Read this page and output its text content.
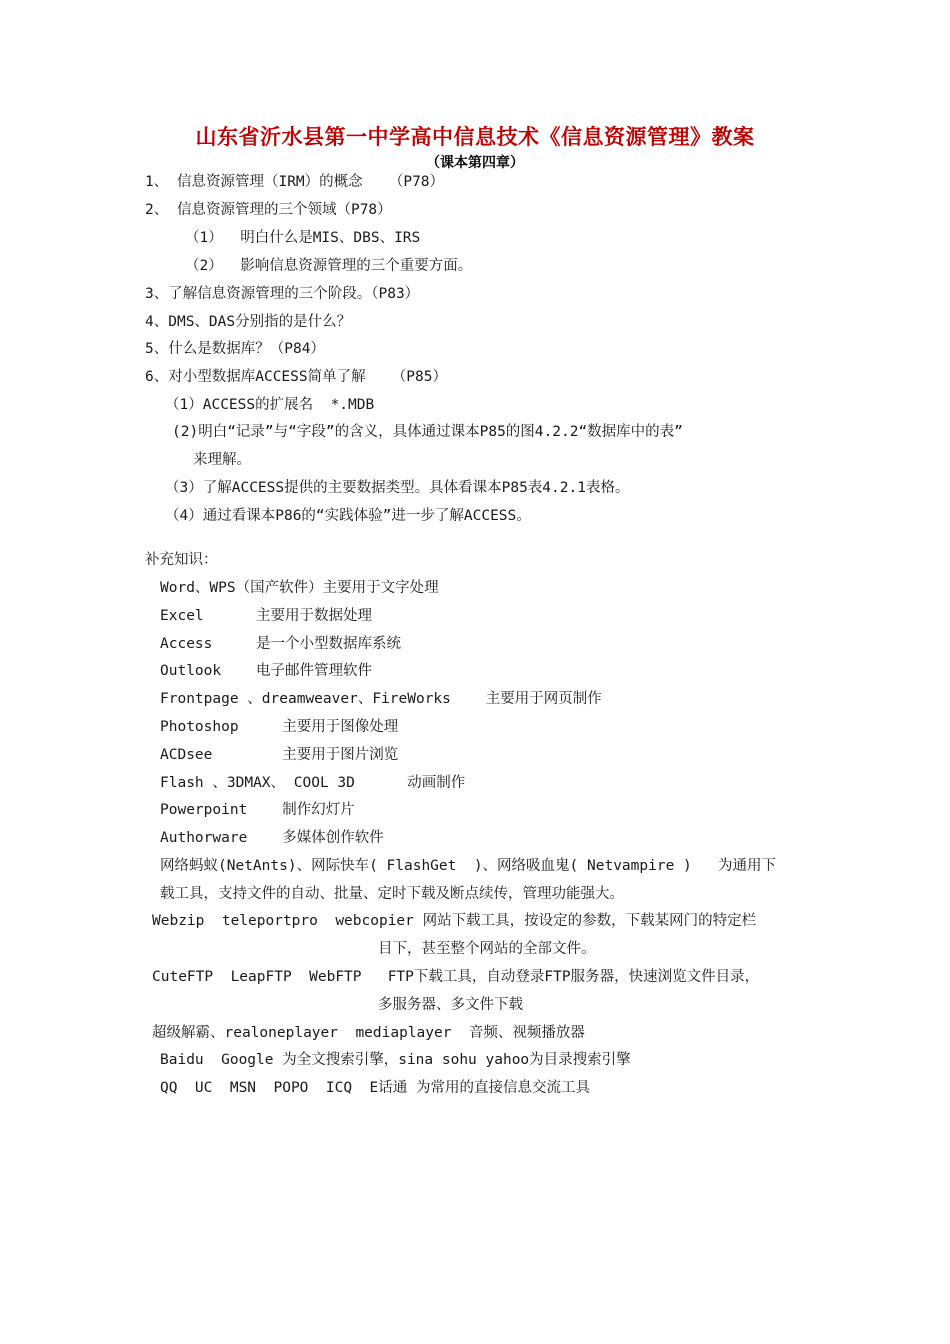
山东省沂水县第一中学高中信息技术《信息资源管理》教案
（课本第四章）
1、 信息资源管理（IRM）的概念   （P78）
2、 信息资源管理的三个领域（P78）
（1）  明白什么是MIS、DBS、IRS
（2）  影响信息资源管理的三个重要方面。
3、了解信息资源管理的三个阶段。（P83）
4、DMS、DAS分别指的是什么？
5、什么是数据库？（P84）
6、对小型数据库ACCESS简单了解   （P85）
（1）ACCESS的扩展名  *.MDB
(2)明白“记录”与“字段”的含义，具体通过课本P85的图4.2.2“数据库中的表”
来理解。
（3）了解ACCESS提供的主要数据类型。具体看课本P85表4.2.1表格。
（4）通过看课本P86的“实践体验”进一步了解ACCESS。
补充知识：
Word、WPS（国产软件）主要用于文字处理
Excel      主要用于数据处理
Access     是一个小型数据库系统
Outlook    电子邮件管理软件
Frontpage 、dreamweaver、FireWorks    主要用于网页制作
Photoshop     主要用于图像处理
ACDsee        主要用于图片浏览
Flash 、3DMAX、 COOL 3D      动画制作
Powerpoint    制作幻灯片
Authorware    多媒体创作软件
网络蚂蚁(NetAnts)、网际快车( FlashGet  )、网络吸血鬼( Netvampire )   为通用下
载工具，支持文件的自动、批量、定时下载及断点续传，管理功能强大。
Webzip  teleportpro  webcopier 网站下载工具，按设定的参数，下载某网门的特定栏
目下，甚至整个网站的全部文件。
CuteFTP  LeapFTP  WebFTP   FTP下载工具，自动登录FTP服务器，快速浏览文件目录，
多服务器、多文件下载
超级解霸、realoneplayer  mediaplayer  音频、视频播放器
Baidu  Google 为全文搜索引擎，sina sohu yahoo为目录搜索引擎
QQ  UC  MSN  POPO  ICQ  E话通 为常用的直接信息交流工具
